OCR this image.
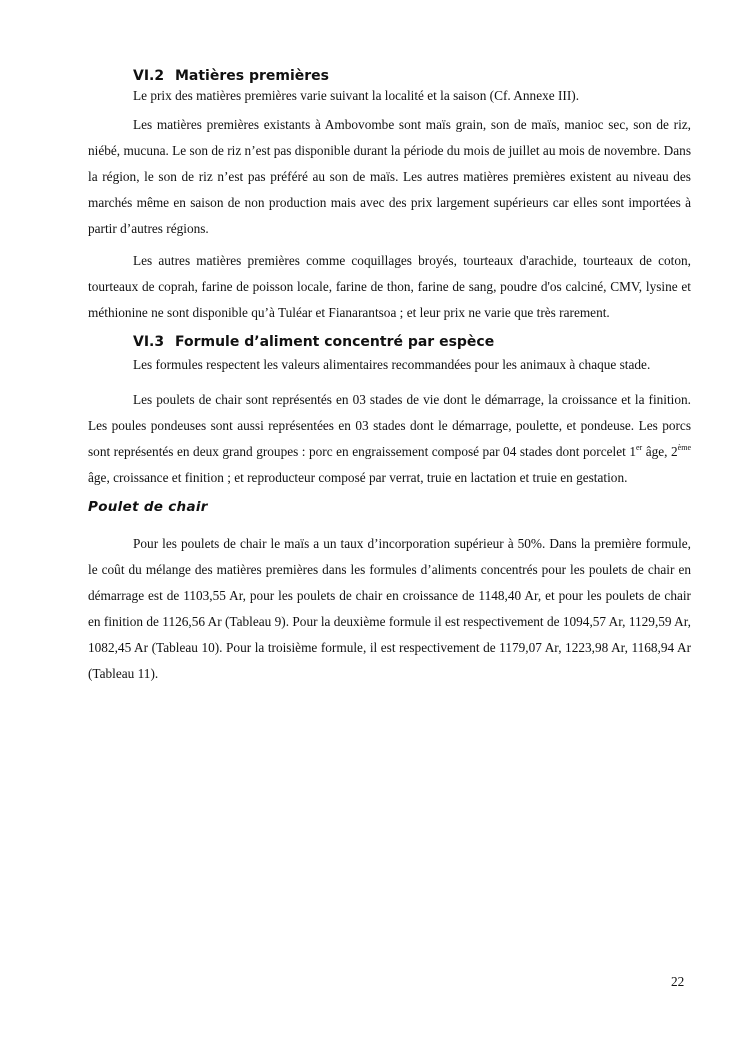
VI.2 Matières premières

Le prix des matières premières varie suivant la localité et la saison (Cf. Annexe III).

Les matières premières existants à Ambovombe sont maïs grain, son de maïs, manioc sec, son de riz, niébé, mucuna. Le son de riz n’est pas disponible durant la période du mois de juillet au mois de novembre. Dans la région, le son de riz n’est pas préféré au son de maïs. Les autres matières premières existent au niveau des marchés même en saison de non production mais avec des prix largement supérieurs car elles sont importées à partir d’autres régions.

Les autres matières premières comme coquillages broyés, tourteaux d'arachide, tourteaux de coton, tourteaux de coprah, farine de poisson locale, farine de thon, farine de sang, poudre d'os calciné, CMV, lysine et méthionine ne sont disponible qu’à Tuléar et Fianarantsoa ; et leur prix ne varie que très rarement.

VI.3 Formule d’aliment concentré par espèce

Les formules respectent les valeurs alimentaires recommandées pour les animaux à chaque stade.

Les poulets de chair sont représentés en 03 stades de vie dont le démarrage, la croissance et la finition. Les poules pondeuses sont aussi représentées en 03 stades dont le démarrage, poulette, et pondeuse. Les porcs sont représentés en deux grand groupes : porc en engraissement composé par 04 stades dont porcelet 1er âge, 2ème âge, croissance et finition ; et reproducteur composé par verrat, truie en lactation et truie en gestation.

Poulet de chair

Pour les poulets de chair le maïs a un taux d’incorporation supérieur à 50%. Dans la première formule, le coût du mélange des matières premières dans les formules d’aliments concentrés pour les poulets de chair en démarrage est de 1103,55 Ar, pour les poulets de chair en croissance de 1148,40 Ar, et pour les poulets de chair en finition de 1126,56 Ar (Tableau 9). Pour la deuxième formule il est respectivement de 1094,57 Ar, 1129,59 Ar, 1082,45 Ar (Tableau 10). Pour la troisième formule, il est respectivement de 1179,07 Ar, 1223,98 Ar, 1168,94 Ar (Tableau 11).

22
